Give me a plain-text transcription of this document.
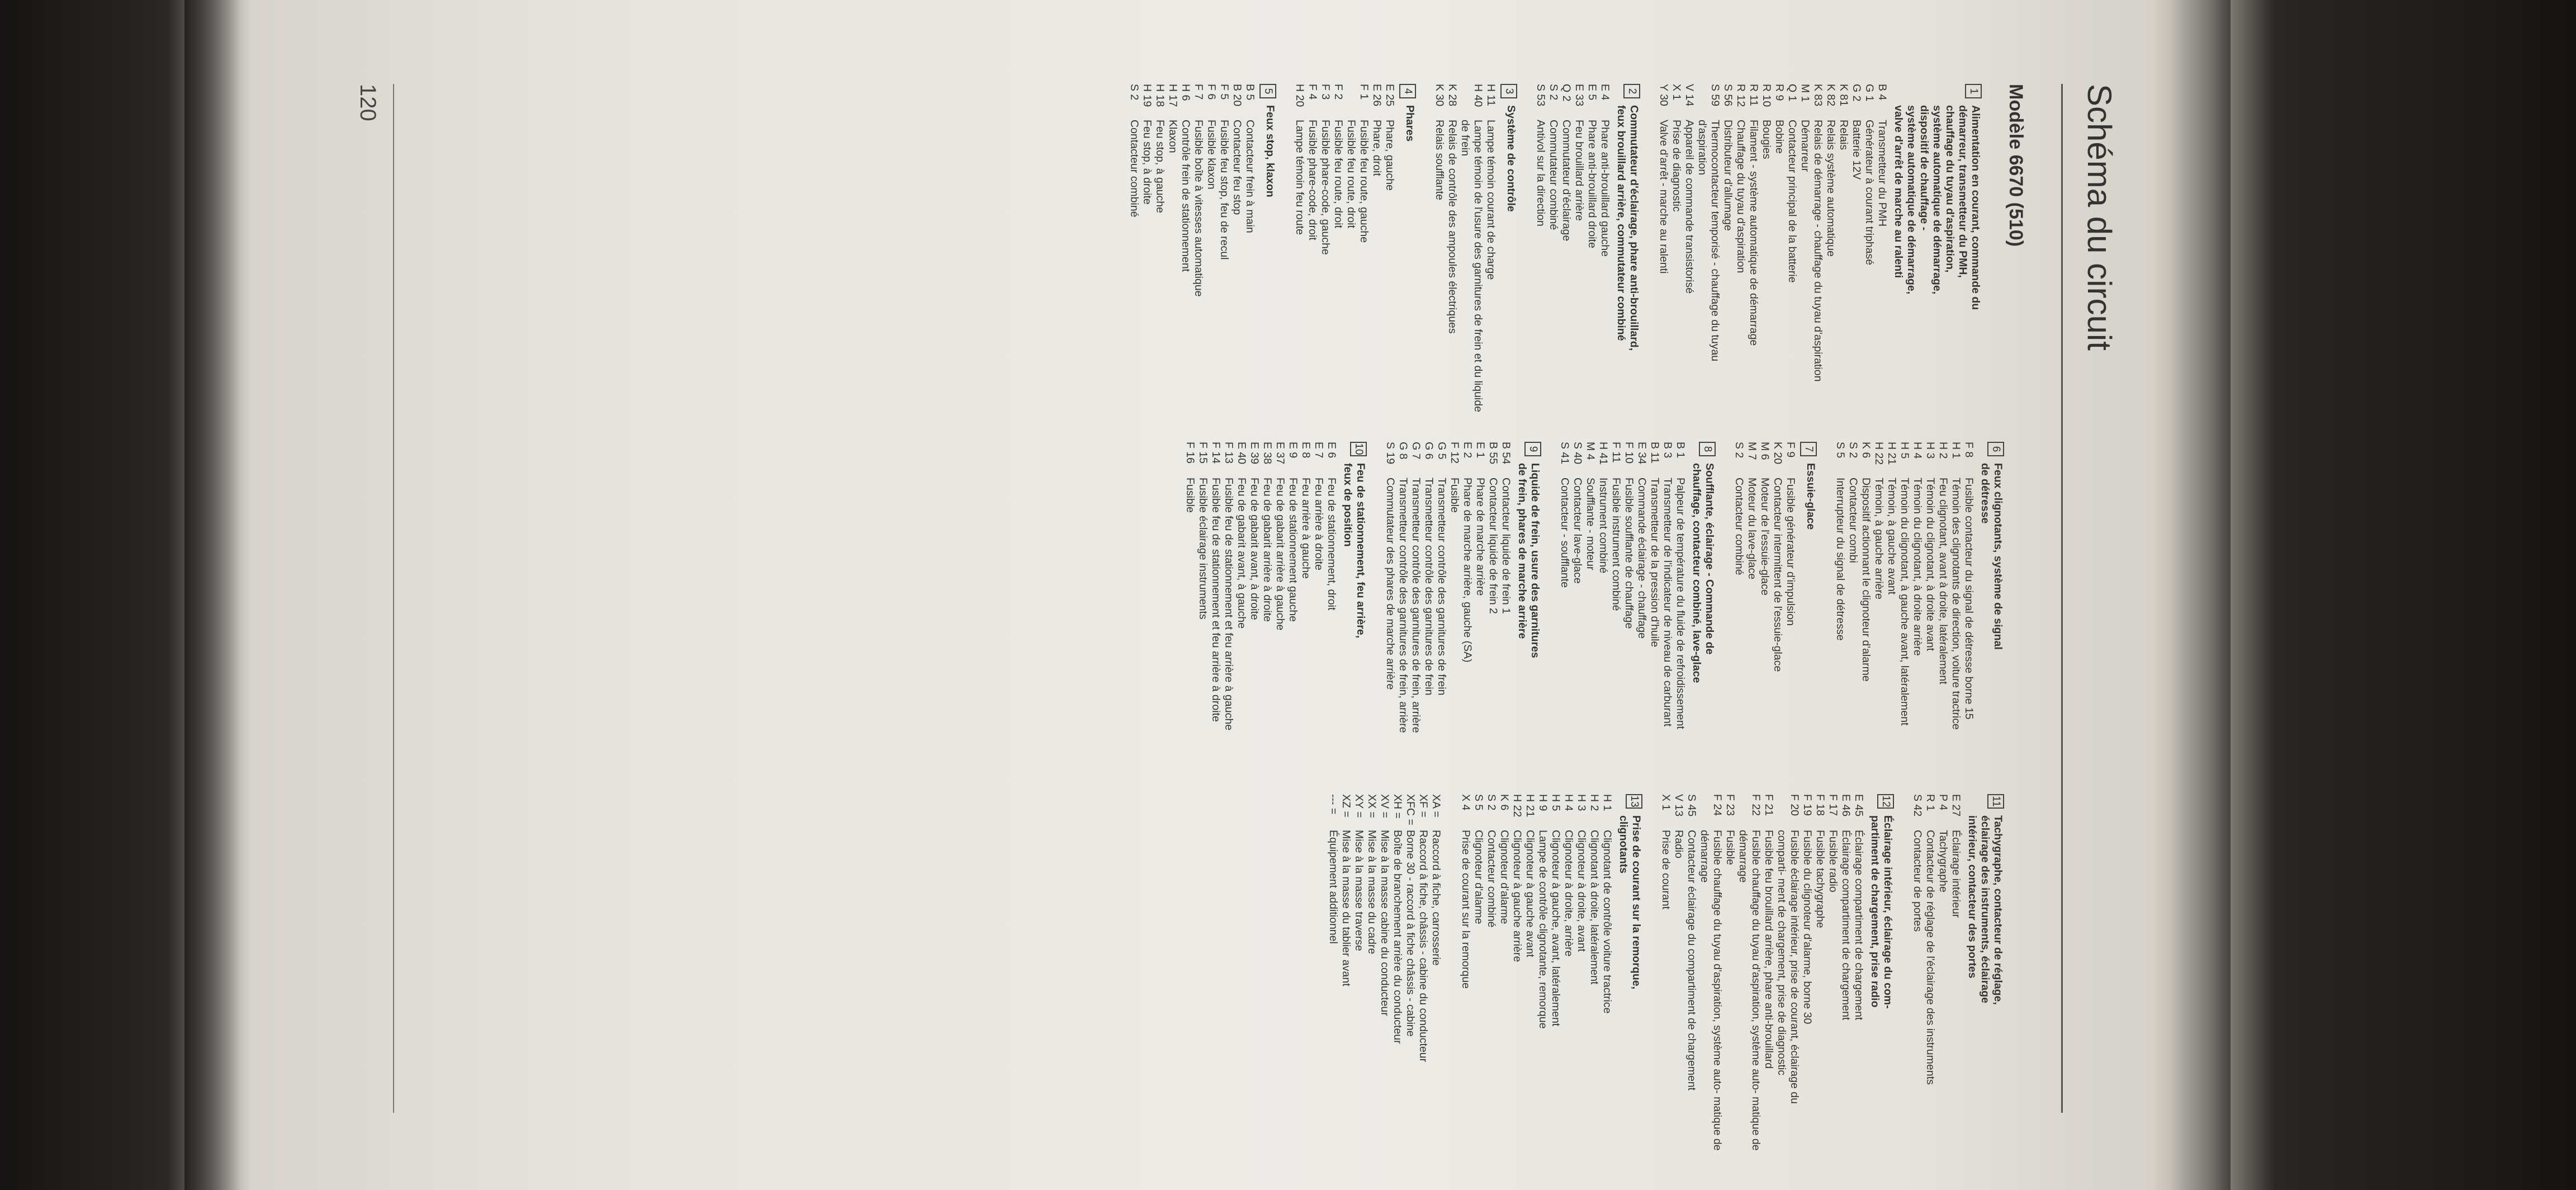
Schéma du circuit
Modèle 6670 (510)
1
Alimentation en courant, commande du
démarreur, transmetteur du PMH,
chauffage du tuyau d'aspiration,
système automatique de démarrage,
dispositif de chauffage -
système automatique de démarrage,
valve d'arrêt de marche au ralenti
B 4
Transmetteur du PMH
G 1
Générateur à courant triphasé
G 2
Batterie 12V
K 81
Relais
K 82
Relais système automatique
K 83
Relais de démarrage - chauffage du tuyau d'aspiration
M 1
Démarreur
Q 1
Contacteur principal de la batterie
R 9
Bobine
R 10
Bougies
R 11
Filament - système automatique de démarrage
R 12
Chauffage du tuyau d'aspiration
S 56
Distributeur d'allumage
S 59
Thermocontacteur temporisé - chauffage du tuyau d'aspiration
V 14
Appareil de commande transistorisé
X 1
Prise de diagnostic
Y 30
Valve d'arrêt - marche au ralenti
2
Commutateur d'éclairage, phare anti-brouillard,
feux brouillard arrière, commutateur combiné
E 4
Phare anti-brouillard gauche
E 5
Phare anti-brouillard droite
E 33
Feu brouillard arrière
Q 2
Commutateur d'éclairage
S 2
Commutateur combiné
S 53
Antivol sur la direction
3
Système de contrôle
H 11
Lampe témoin courant de charge
H 40
Lampe témoin de l'usure des garnitures de frein et du liquide de frein
K 28
Relais de contrôle des ampoules électriques
K 30
Relais soufflante
4
Phares
E 25
Phare, gauche
E 26
Phare, droit
F 1
Fusible feu route, gauche
Fusible feu route, droit
F 2
Fusible feu route, droit
F 3
Fusible phare-code, gauche
F 4
Fusible phare-code, droit
H 20
Lampe témoin feu route
5
Feux stop, klaxon
B 5
Contacteur frein à main
B 20
Contacteur feu stop
F 5
Fusible feu stop, feu de recul
F 6
Fusible klaxon
F 7
Fusible boîte à vitesses automatique
H 6
Contrôle frein de stationnement
H 17
Klaxon
H 18
Feu stop, à gauche
H 19
Feu stop, à droite
S 2
Contacteur combiné
6
Feux clignotants, système de signal
de détresse
F 8
Fusible contacteur du signal de détresse borne 15
H 1
Témoin des clignotants de direction, voiture tractrice
H 2
Feu clignotant, avant à droite, latéralement
H 3
Témoin du clignotant, à droite avant
H 4
Témoin du clignotant, à droite arrière
H 5
Témoin du clignotant, à gauche avant, latéralement
H 21
Témoin, à gauche avant
H 22
Témoin, à gauche arrière
K 6
Dispositif actionnant le clignoteur d'alarme
S 2
Contacteur combi
S 5
Interrupteur du signal de détresse
7
Essuie-glace
F 9
Fusible générateur d'impulsion
K 20
Contacteur intermittent de l'essuie-glace
M 6
Moteur de l'essuie-glace
M 7
Moteur du lave-glace
S 2
Contacteur combiné
8
Soufflante, éclairage - Commande de
chauffage, contacteur combiné, lave-glace
B 1
Palpeur de température du fluide de refroidissement
B 3
Transmetteur de l'indicateur de niveau de carburant
B 11
Transmetteur de la pression d'huile
E 34
Commande éclairage - chauffage
F 10
Fusible soufflante de chauffage
F 11
Fusible instrument combiné
H 41
Instrument combiné
M 4
Soufflante - moteur
S 40
Contacteur lave-glace
S 41
Contacteur - soufflante
9
Liquide de frein, usure des garnitures
de frein, phares de marche arrière
B 54
Contacteur liquide de frein 1
B 55
Contacteur liquide de frein 2
E 1
Phare de marche arrière
E 2
Phare de marche arrière, gauche (SA)
F 12
Fusible
G 5
Transmetteur contrôle des garnitures de frein
G 6
Transmetteur contrôle des garnitures de frein
G 7
Transmetteur contrôle des garnitures de frein, arrière
G 8
Transmetteur contrôle des garnitures de frein, arrière
S 19
Commutateur des phares de marche arrière
10
Feu de stationnement, feu arrière,
feux de position
E 6
Feu de stationnement, droit
E 7
Feu arrière à droite
E 8
Feu arrière à gauche
E 9
Feu de stationnement gauche
E 37
Feu de gabarit arrière à gauche
E 38
Feu de gabarit arrière à droite
E 39
Feu de gabarit avant, à droite
E 40
Feu de gabarit avant, à gauche
F 13
Fusible feu de stationnement et feu arrière à gauche
F 14
Fusible feu de stationnement et feu arrière à droite
F 15
Fusible éclairage instruments
F 16
Fusible
11
Tachygraphe, contacteur de réglage,
éclairage des instruments, éclairage
intérieur, contacteur des portes
E 27
Éclairage intérieur
P 4
Tachygraphe
R 1
Contacteur de réglage de l'éclairage des instruments
S 42
Contacteur de portes
12
Éclairage intérieur, éclairage du com-
partiment de chargement, prise radio
E 45
Éclairage compartiment de chargement
E 46
Éclairage compartiment de chargement
F 17
Fusible radio
F 18
Fusible tachygraphe
F 19
Fusible du clignoteur d'alarme, borne 30
F 20
Fusible éclairage intérieur, prise de courant, éclairage du comparti- ment de chargement, prise de diagnostic
F 21
Fusible feu brouillard arrière, phare anti-brouillard
F 22
Fusible chauffage du tuyau d'aspiration, système auto- matique de démarrage
F 23
Fusible
F 24
Fusible chauffage du tuyau d'aspiration, système auto- matique de démarrage
S 45
Contacteur éclairage du compartiment de chargement
V 13
Radio
X 1
Prise de courant
13
Prise de courant sur la remorque,
clignotants
H 1
Clignotant de contrôle voiture tractrice
H 2
Clignotant à droite, latéralement
H 3
Clignoteur à droite, avant
H 4
Clignoteur à droite, arrière
H 5
Clignoteur à gauche, avant, latéralement
H 9
Lampe de contrôle clignotante, remorque
H 21
Clignoteur à gauche avant
H 22
Clignoteur à gauche arrière
K 6
Clignoteur d'alarme
S 2
Contacteur combiné
S 5
Clignoteur d'alarme
X 4
Prise de courant sur la remorque
XA =
Raccord à fiche, carrosserie
XF =
Raccord à fiche, châssis - cabine du conducteur
XFC =
Borne 30 - raccord à fiche châssis - cabine
XH =
Boîte de branchement arrière du conducteur
XV =
Mise à la masse cabine du conducteur
XX =
Mise à la masse du cadre
XY =
Mise à la masse traverse
XZ =
Mise à la masse du tablier avant
--- =
Équipement additionnel
120
